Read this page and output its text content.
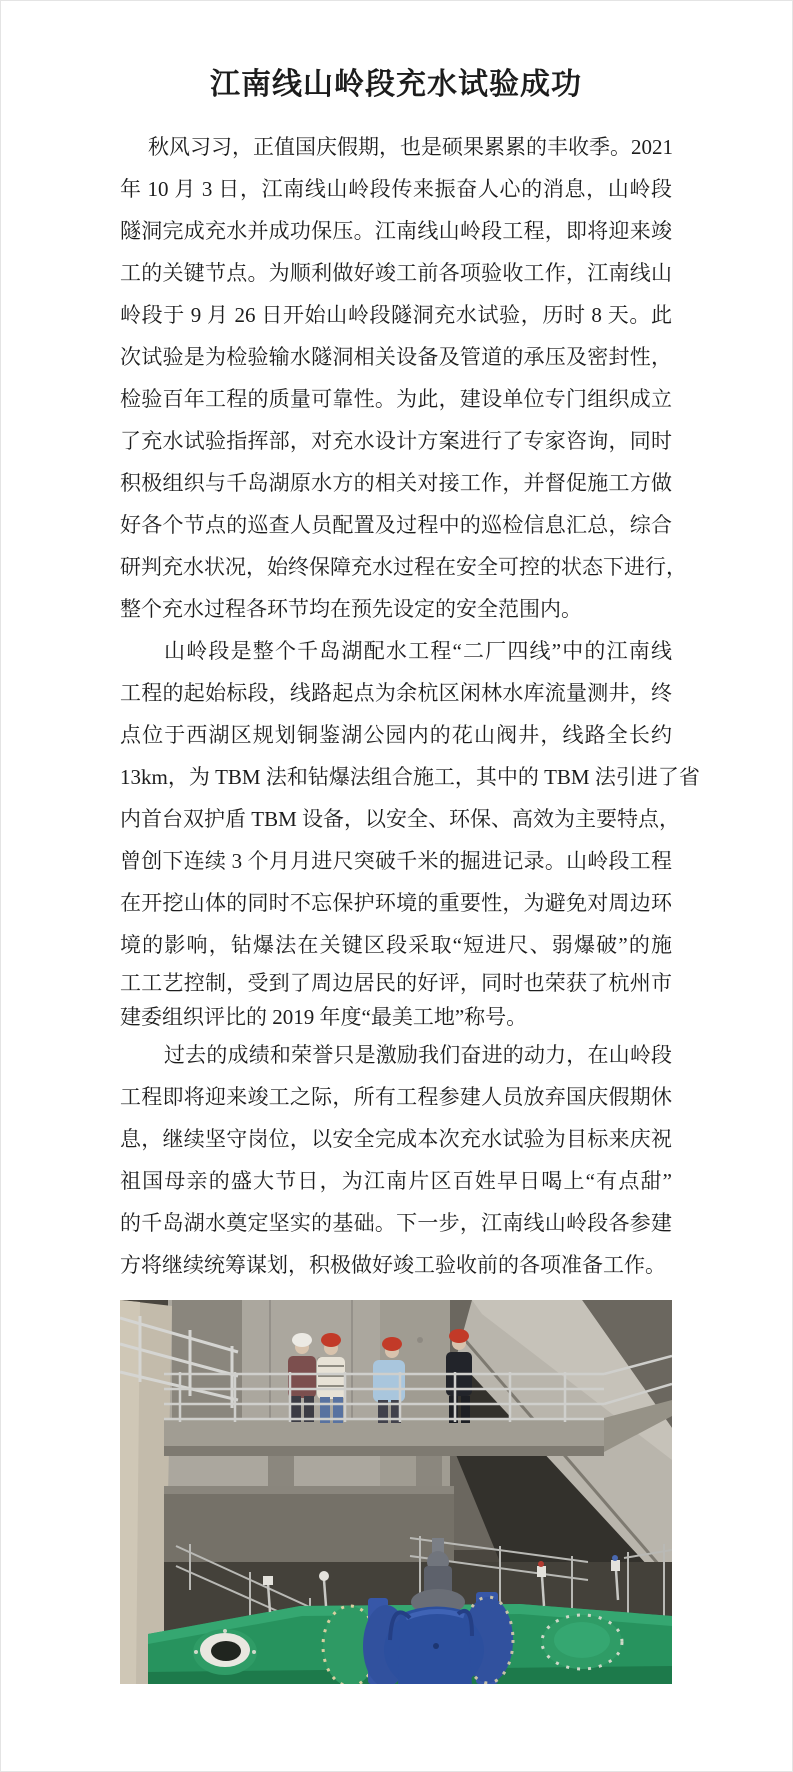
江南线山岭段充水试验成功
秋风习习，正值国庆假期，也是硕果累累的丰收季。2021
年 10 月 3 日，江南线山岭段传来振奋人心的消息，山岭段
隧洞完成充水并成功保压。江南线山岭段工程，即将迎来竣
工的关键节点。为顺利做好竣工前各项验收工作，江南线山
岭段于 9 月 26 日开始山岭段隧洞充水试验，历时 8 天。此
次试验是为检验输水隧洞相关设备及管道的承压及密封性，
检验百年工程的质量可靠性。为此，建设单位专门组织成立
了充水试验指挥部，对充水设计方案进行了专家咨询，同时
积极组织与千岛湖原水方的相关对接工作，并督促施工方做
好各个节点的巡查人员配置及过程中的巡检信息汇总，综合
研判充水状况，始终保障充水过程在安全可控的状态下进行，
整个充水过程各环节均在预先设定的安全范围内。
山岭段是整个千岛湖配水工程“二厂四线”中的江南线
工程的起始标段，线路起点为余杭区闲林水库流量测井，终
点位于西湖区规划铜鉴湖公园内的花山阀井，线路全长约
13km，为 TBM 法和钻爆法组合施工，其中的 TBM 法引进了省
内首台双护盾 TBM 设备，以安全、环保、高效为主要特点，
曾创下连续 3 个月月进尺突破千米的掘进记录。山岭段工程
在开挖山体的同时不忘保护环境的重要性，为避免对周边环
境的影响，钻爆法在关键区段采取“短进尺、弱爆破”的施
工工艺控制，受到了周边居民的好评，同时也荣获了杭州市
建委组织评比的 2019 年度“最美工地”称号。
过去的成绩和荣誉只是激励我们奋进的动力，在山岭段
工程即将迎来竣工之际，所有工程参建人员放弃国庆假期休
息，继续坚守岗位，以安全完成本次充水试验为目标来庆祝
祖国母亲的盛大节日，为江南片区百姓早日喝上“有点甜”
的千岛湖水奠定坚实的基础。下一步，江南线山岭段各参建
方将继续统筹谋划，积极做好竣工验收前的各项准备工作。
